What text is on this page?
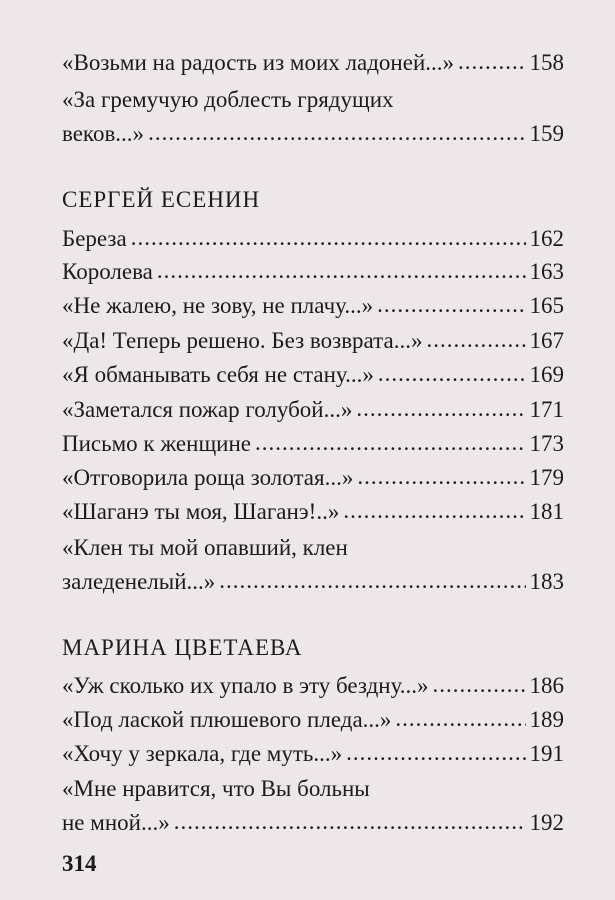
«Возьми на радость из моих ладоней...» .....	158
«За гремучую доблесть грядущих
веков...» .....	159
СЕРГЕЙ ЕСЕНИН
Береза .....	162
Королева .....	163
«Не жалею, не зову, не плачу...» .....	165
«Да! Теперь решено. Без возврата...» .....	167
«Я обманывать себя не стану...» .....	169
«Заметался пожар голубой...» .....	171
Письмо к женщине .....	173
«Отговорила роща золотая...» .....	179
«Шаганэ ты моя, Шаганэ!..» .....	181
«Клен ты мой опавший, клен
заледенелый...» .....	183
МАРИНА ЦВЕТАЕВА
«Уж сколько их упало в эту бездну...» .....	186
«Под лаской плюшевого пледа...» .....	189
«Хочу у зеркала, где муть...» .....	191
«Мне нравится, что Вы больны
не мной...» .....	192
314
